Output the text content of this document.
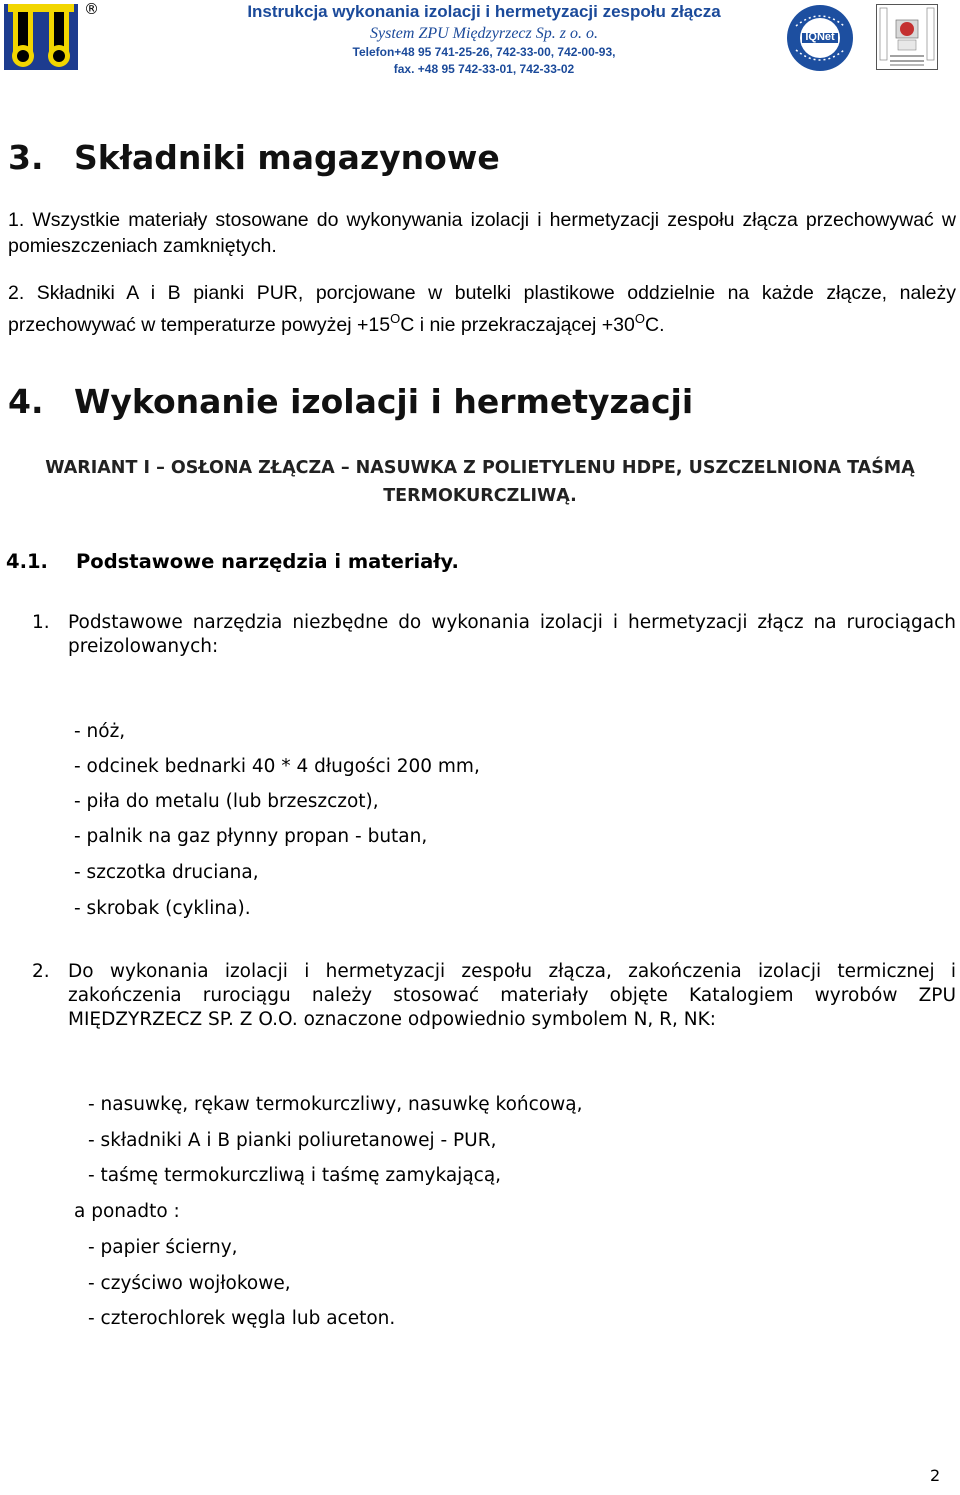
®	Instrukcja wykonania izolacji i hermetyzacji zespołu złącza
System ZPU Międzyrzecz Sp. z o. o.
Telefon+48 95 741-25-26, 742-33-00, 742-00-93,
fax. +48 95 742-33-01, 742-33-02
IQNet
3. Składniki magazynowe

1. Wszystkie materiały stosowane do wykonywania izolacji i hermetyzacji zespołu złącza przechowywać w pomieszczeniach zamkniętych.

2. Składniki A i B pianki PUR, porcjowane w butelki plastikowe oddzielnie na każde złącze, należy przechowywać w temperaturze powyżej $+15^OC$ i nie przekraczającej $+30^OC$.

4. Wykonanie izolacji i hermetyzacji
WARIANT I – OSŁONA ZŁĄCZA – NASUWKA Z POLIETYLENU HDPE, USZCZELNIONA TAŚMĄ TERMOKURCZLIWĄ.
4.1. Podstawowe narzędzia i materiały.

1. Podstawowe narzędzia niezbędne do wykonania izolacji i hermetyzacji złącz na rurociągach preizolowanych:

- nóż,
- odcinek bednarki 40 * 4 długości 200 mm,
- piła do metalu (lub brzeszczot),
- palnik na gaz płynny propan - butan,
- szczotka druciana,
- skrobak (cyklina).

2. Do wykonania izolacji i hermetyzacji zespołu złącza, zakończenia izolacji termicznej i zakończenia rurociągu należy stosować materiały objęte Katalogiem wyrobów ZPU MIĘDZYRZECZ SP. Z O.O. oznaczone odpowiednio symbolem N, R, NK:

- nasuwkę, rękaw termokurczliwy, nasuwkę końcową,
- składniki A i B pianki poliuretanowej - PUR,
- taśmę termokurczliwą i taśmę zamykającą,
a ponadto :
- papier ścierny,
- czyściwo wojłokowe,
- czterochlorek węgla lub aceton.
2
